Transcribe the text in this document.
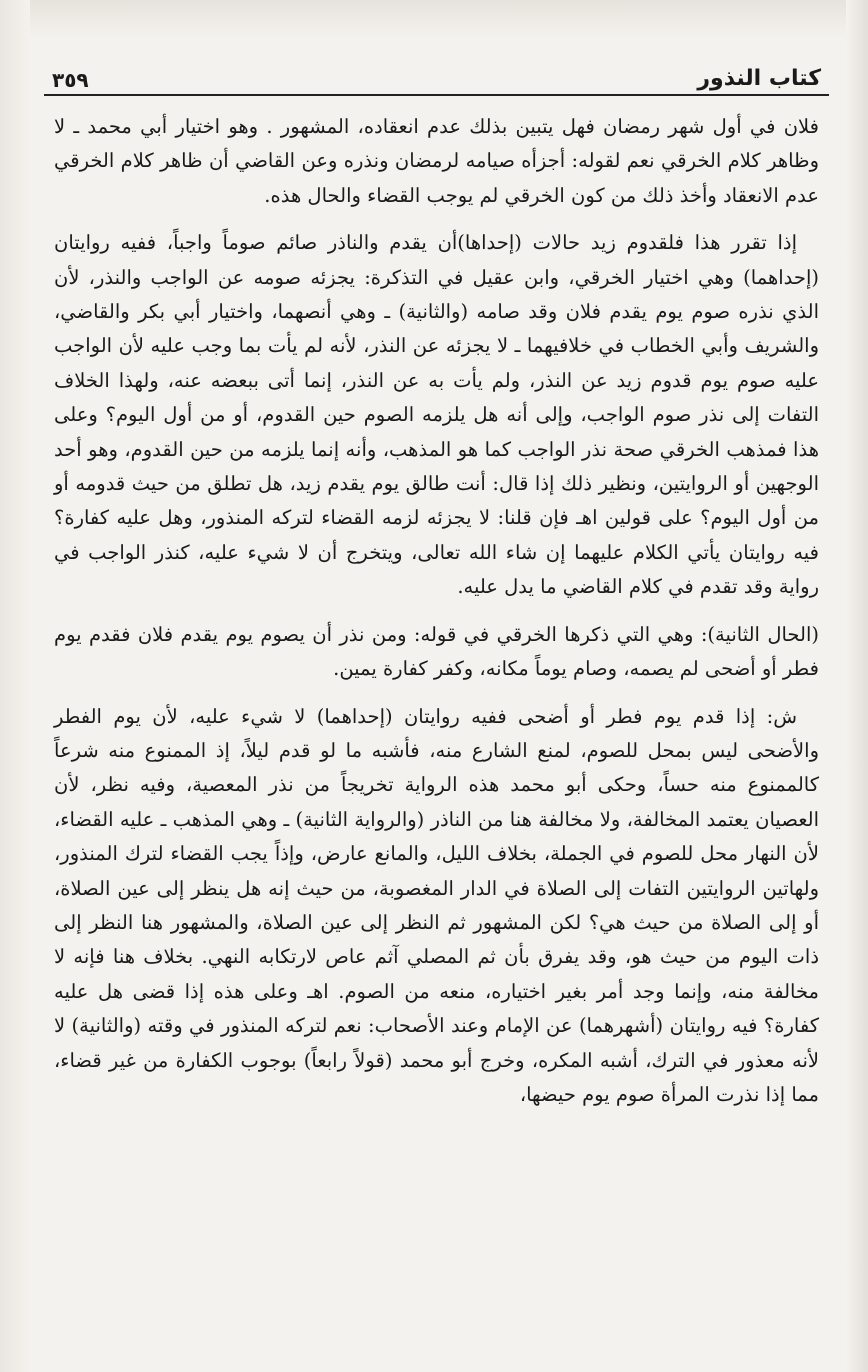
كتاب النذور
٣٥٩

فلان في أول شهر رمضان فهل يتبين بذلك عدم انعقاده، المشهور . وهو اختيار أبي محمد ـ لا وظاهر كلام الخرقي نعم لقوله: أجزأه صيامه لرمضان ونذره وعن القاضي أن ظاهر كلام الخرقي عدم الانعقاد وأخذ ذلك من كون الخرقي لم يوجب القضاء والحال هذه.

إذا تقرر هذا فلقدوم زيد حالات (إحداها)أن يقدم والناذر صائم صوماً واجباً، ففيه روايتان (إحداهما) وهي اختيار الخرقي، وابن عقيل في التذكرة: يجزئه صومه عن الواجب والنذر، لأن الذي نذره صوم يوم يقدم فلان وقد صامه (والثانية) ـ وهي أنصهما، واختيار أبي بكر والقاضي، والشريف وأبي الخطاب في خلافيهما ـ لا يجزئه عن النذر، لأنه لم يأت بما وجب عليه لأن الواجب عليه صوم يوم قدوم زيد عن النذر، ولم يأت به عن النذر، إنما أتى ببعضه عنه، ولهذا الخلاف التفات إلى نذر صوم الواجب، وإلى أنه هل يلزمه الصوم حين القدوم، أو من أول اليوم؟ وعلى هذا فمذهب الخرقي صحة نذر الواجب كما هو المذهب، وأنه إنما يلزمه من حين القدوم، وهو أحد الوجهين أو الروايتين، ونظير ذلك إذا قال: أنت طالق يوم يقدم زيد، هل تطلق من حيث قدومه أو من أول اليوم؟ على قولين اهـ فإن قلنا: لا يجزئه لزمه القضاء لتركه المنذور، وهل عليه كفارة؟ فيه روايتان يأتي الكلام عليهما إن شاء الله تعالى، ويتخرج أن لا شيء عليه، كنذر الواجب في رواية وقد تقدم في كلام القاضي ما يدل عليه.

(الحال الثانية): وهي التي ذكرها الخرقي في قوله: ومن نذر أن يصوم يوم يقدم فلان فقدم يوم فطر أو أضحى لم يصمه، وصام يوماً مكانه، وكفر كفارة يمين.

ش: إذا قدم يوم فطر أو أضحى ففيه روايتان (إحداهما) لا شيء عليه، لأن يوم الفطر والأضحى ليس بمحل للصوم، لمنع الشارع منه، فأشبه ما لو قدم ليلاً، إذ الممنوع منه شرعاً كالممنوع منه حساً، وحكى أبو محمد هذه الرواية تخريجاً من نذر المعصية، وفيه نظر، لأن العصيان يعتمد المخالفة، ولا مخالفة هنا من الناذر (والرواية الثانية) ـ وهي المذهب ـ عليه القضاء، لأن النهار محل للصوم في الجملة، بخلاف الليل، والمانع عارض، وإذاً يجب القضاء لترك المنذور، ولهاتين الروايتين التفات إلى الصلاة في الدار المغصوبة، من حيث إنه هل ينظر إلى عين الصلاة، أو إلى الصلاة من حيث هي؟ لكن المشهور ثم النظر إلى عين الصلاة، والمشهور هنا النظر إلى ذات اليوم من حيث هو، وقد يفرق بأن ثم المصلي آثم عاص لارتكابه النهي. بخلاف هنا فإنه لا مخالفة منه، وإنما وجد أمر بغير اختياره، منعه من الصوم. اهـ وعلى هذه إذا قضى هل عليه كفارة؟ فيه روايتان (أشهرهما) عن الإمام وعند الأصحاب: نعم لتركه المنذور في وقته (والثانية) لا لأنه معذور في الترك، أشبه المكره، وخرج أبو محمد (قولاً رابعاً) بوجوب الكفارة من غير قضاء، مما إذا نذرت المرأة صوم يوم حيضها،
